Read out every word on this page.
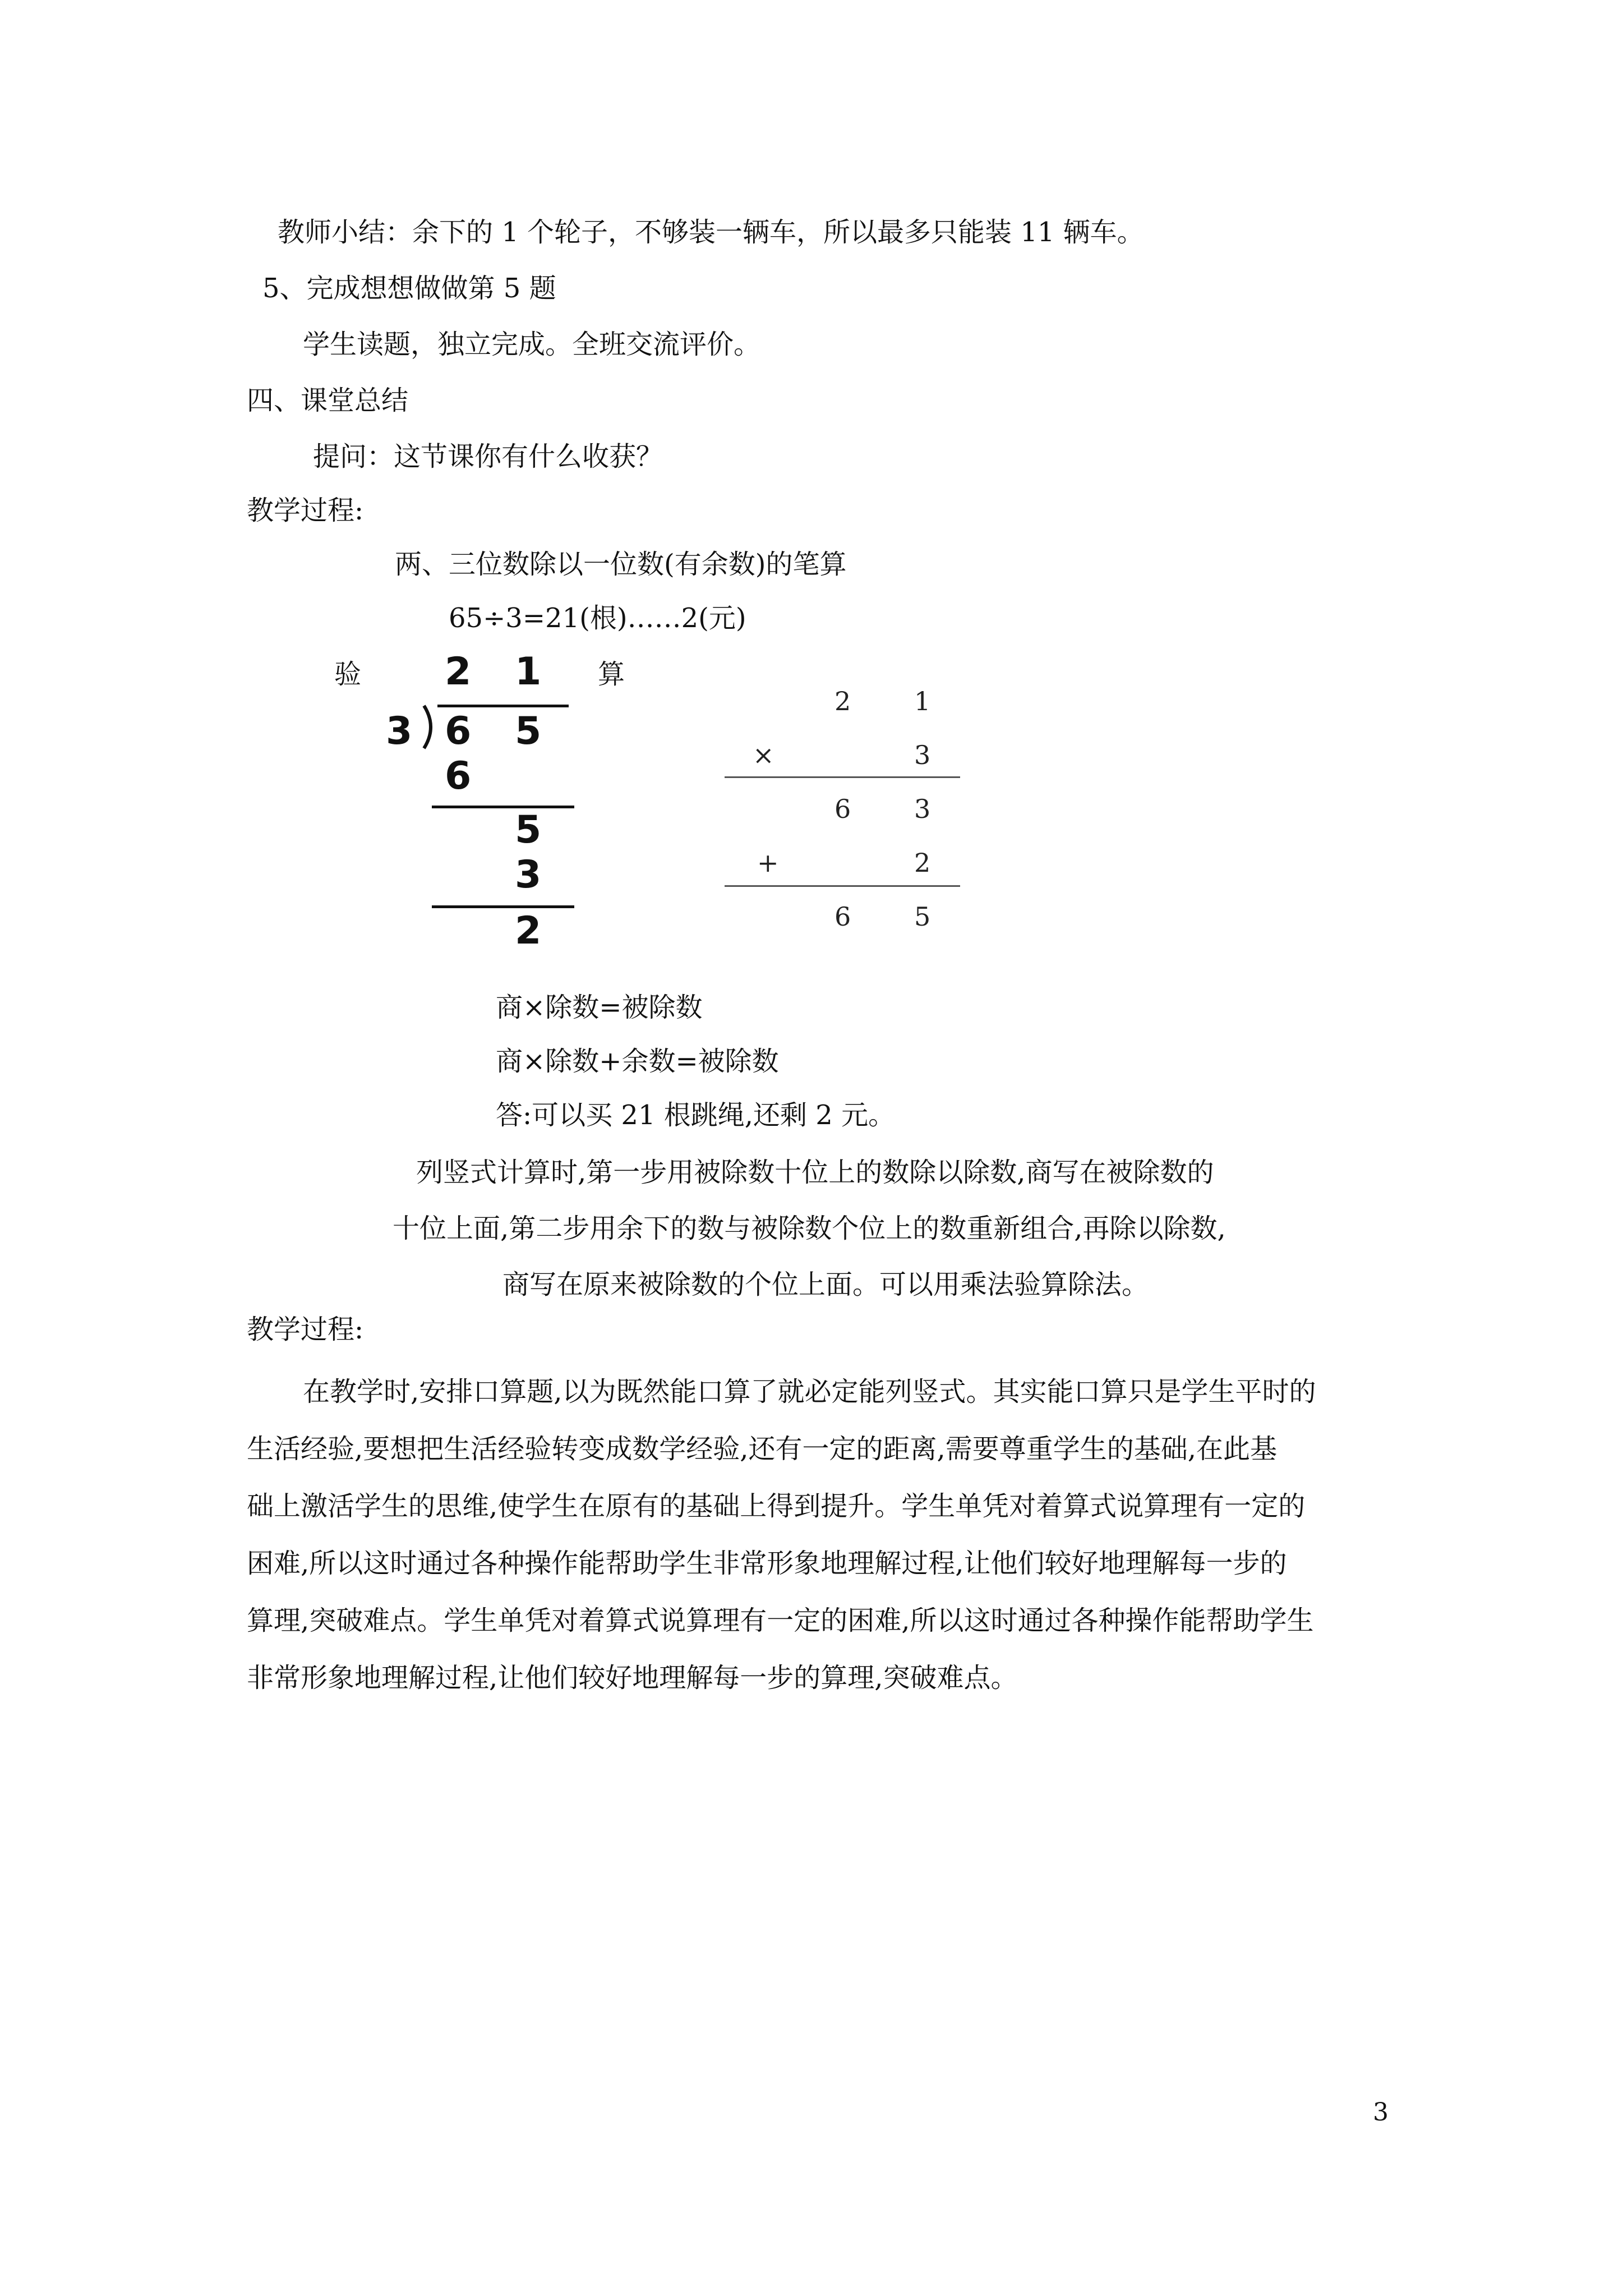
教师小结：余下的 1 个轮子，不够装一辆车，所以最多只能装 11 辆车。
5、完成想想做做第 5 题
学生读题，独立完成。全班交流评价。
四、课堂总结
提问：这节课你有什么收获？
教学过程:
两、三位数除以一位数(有余数)的笔算
65÷3=21(根)……2(元)
验	算
2 1
3 6 5
6
5
3
2
2 1
×	3
6 3
+	2
6 5
商×除数=被除数
商×除数+余数=被除数
答:可以买 21 根跳绳,还剩 2 元。
列竖式计算时,第一步用被除数十位上的数除以除数,商写在被除数的
十位上面,第二步用余下的数与被除数个位上的数重新组合,再除以除数,
商写在原来被除数的个位上面。可以用乘法验算除法。
教学过程:

在教学时,安排口算题,以为既然能口算了就必定能列竖式。其实能口算只是学生平时的

生活经验,要想把生活经验转变成数学经验,还有一定的距离,需要尊重学生的基础,在此基

础上激活学生的思维,使学生在原有的基础上得到提升。学生单凭对着算式说算理有一定的

困难,所以这时通过各种操作能帮助学生非常形象地理解过程,让他们较好地理解每一步的

算理,突破难点。学生单凭对着算式说算理有一定的困难,所以这时通过各种操作能帮助学生

非常形象地理解过程,让他们较好地理解每一步的算理,突破难点。

3
